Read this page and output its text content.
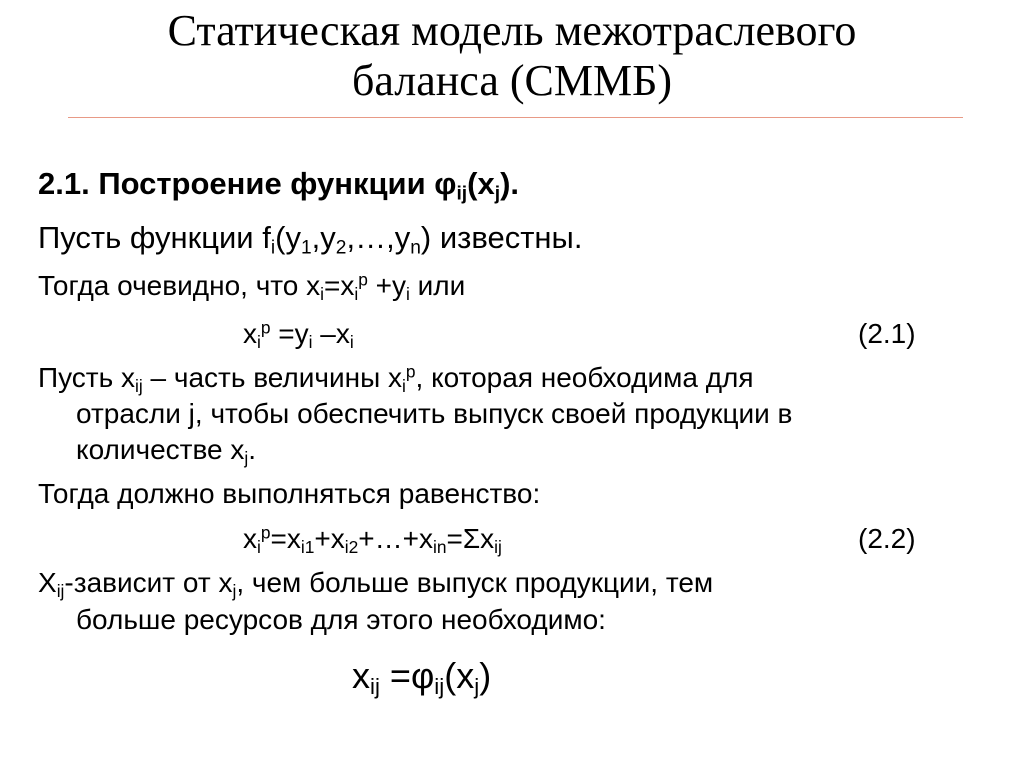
Статическая модель межотраслевого
баланса (СММБ)
2.1. Построение функции $\varphi_{ij}(x_j)$.
Пусть функции $f_i(y_1,y_2,\dots,y_n)$ известны.
Тогда очевидно, что $x_i=x_i^p +y_i$ или
$x_i^p =y_i$ $-x_i$	(2.1)
Пусть $x_{ij}$ – часть величины $x_i^p$, которая необходима для
отрасли j, чтобы обеспечить выпуск своей продукции в
количестве $x_j$.
Тогда должно выполняться равенство:
$x_i^p=x_{i1}+x_{i2}+\dots+x_{in}=\Sigma x_{ij}$	(2.2)
$X_{ij}$-зависит от $x_j$, чем больше выпуск продукции, тем
больше ресурсов для этого необходимо:
$x_{ij} =\varphi_{ij}(x_j)$
